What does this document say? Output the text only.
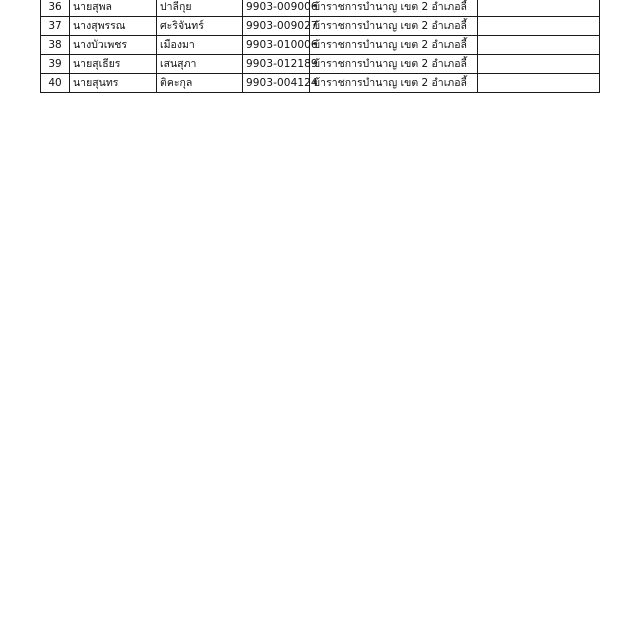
36	นายสุพล	ปาลีกุย	9903-009006	ข้าราชการบำนาญ เขต 2 อำเภอลี้	
37	นางสุพรรณ	ศะริจันทร์	9903-009027	ข้าราชการบำนาญ เขต 2 อำเภอลี้	
38	นางบัวเพชร	เมืองมา	9903-010006	ข้าราชการบำนาญ เขต 2 อำเภอลี้	
39	นายสุเธียร	เสนสุภา	9903-012189	ข้าราชการบำนาญ เขต 2 อำเภอลี้	
40	นายสุนทร	ติคะกุล	9903-004124	ข้าราชการบำนาญ เขต 2 อำเภอลี้	
